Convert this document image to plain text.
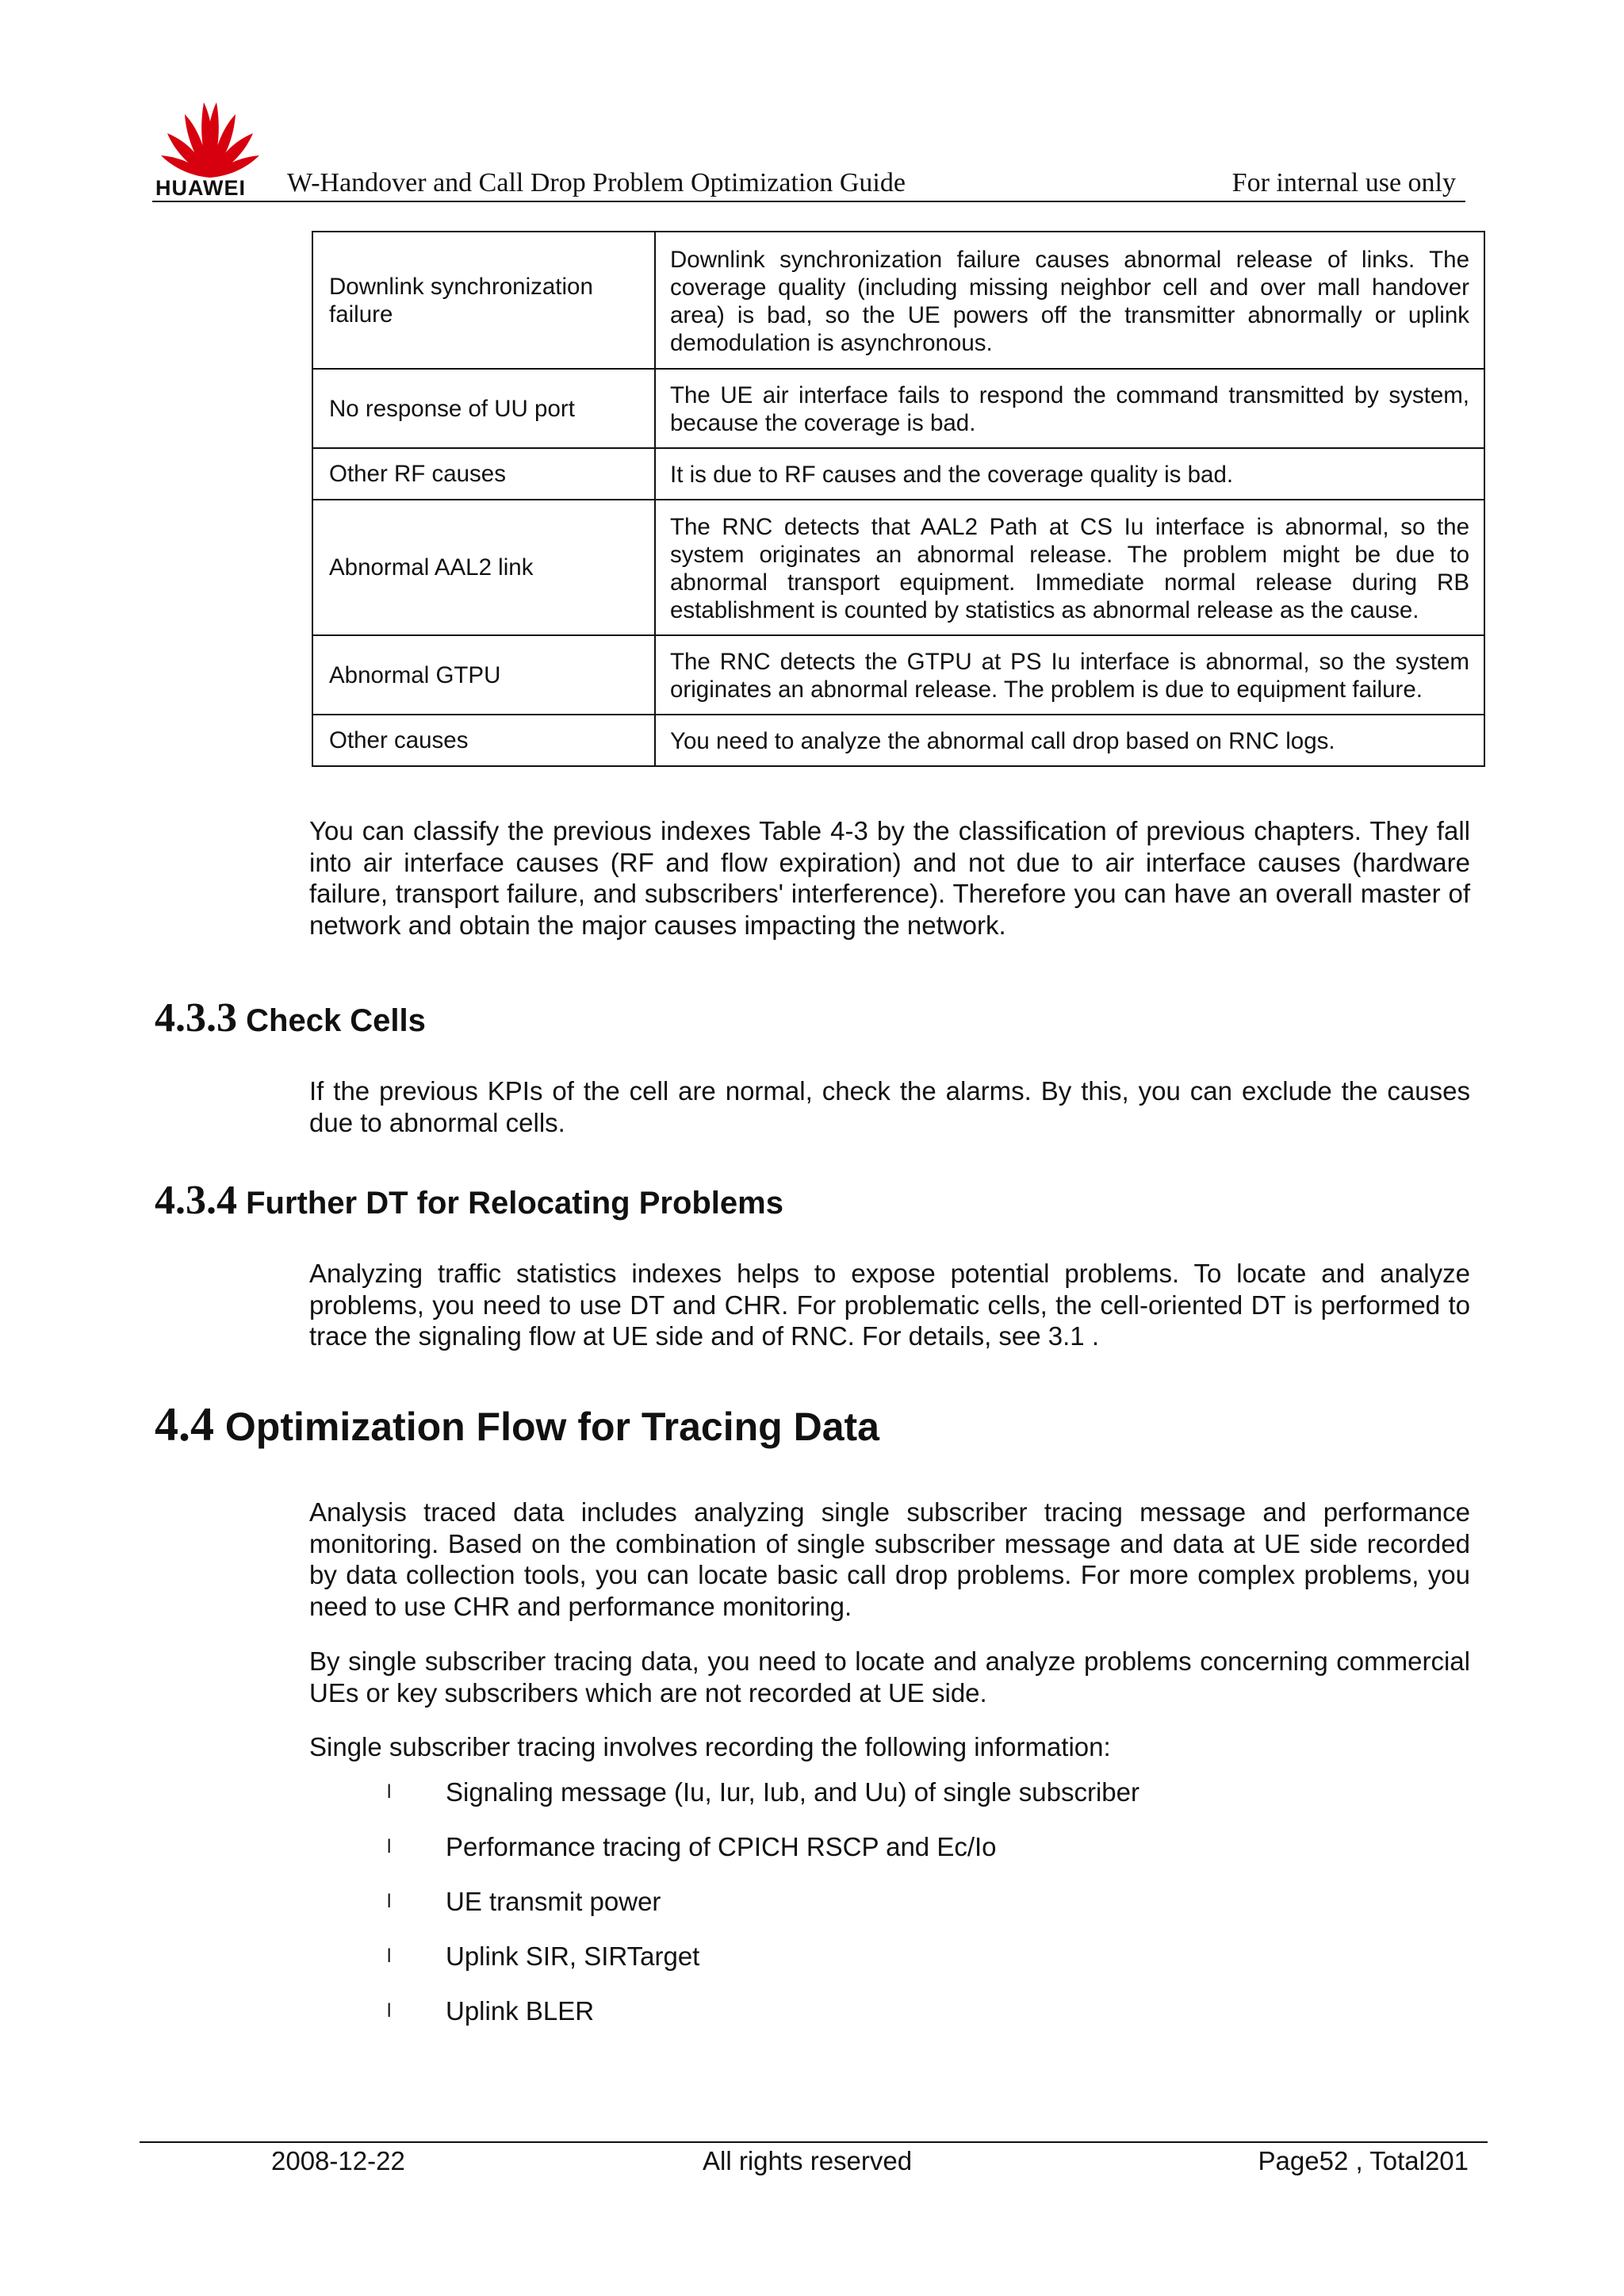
HUAWEI W-Handover and Call Drop Problem Optimization Guide	For internal use only
Downlink synchronization failure	Downlink synchronization failure causes abnormal release of links. The coverage quality (including missing neighbor cell and over mall handover area) is bad, so the UE powers off the transmitter abnormally or uplink demodulation is asynchronous.
No response of UU port	The UE air interface fails to respond the command transmitted by system, because the coverage is bad.
Other RF causes	It is due to RF causes and the coverage quality is bad.
Abnormal AAL2 link	The RNC detects that AAL2 Path at CS Iu interface is abnormal, so the system originates an abnormal release. The problem might be due to abnormal transport equipment. Immediate normal release during RB establishment is counted by statistics as abnormal release as the cause.
Abnormal GTPU	The RNC detects the GTPU at PS Iu interface is abnormal, so the system originates an abnormal release. The problem is due to equipment failure.
Other causes	You need to analyze the abnormal call drop based on RNC logs.

You can classify the previous indexes Table 4-3 by the classification of previous chapters. They fall into air interface causes (RF and flow expiration) and not due to air interface causes (hardware failure, transport failure, and subscribers' interference). Therefore you can have an overall master of network and obtain the major causes impacting the network.

4.3.3 Check Cells

If the previous KPIs of the cell are normal, check the alarms. By this, you can exclude the causes due to abnormal cells.

4.3.4 Further DT for Relocating Problems

Analyzing traffic statistics indexes helps to expose potential problems. To locate and analyze problems, you need to use DT and CHR. For problematic cells, the cell-oriented DT is performed to trace the signaling flow at UE side and of RNC. For details, see 3.1 .

4.4 Optimization Flow for Tracing Data

Analysis traced data includes analyzing single subscriber tracing message and performance monitoring. Based on the combination of single subscriber message and data at UE side recorded by data collection tools, you can locate basic call drop problems. For more complex problems, you need to use CHR and performance monitoring.

By single subscriber tracing data, you need to locate and analyze problems concerning commercial UEs or key subscribers which are not recorded at UE side.

Single subscriber tracing involves recording the following information:

l Signaling message (Iu, Iur, Iub, and Uu) of single subscriber
l Performance tracing of CPICH RSCP and Ec/Io
l UE transmit power
l Uplink SIR, SIRTarget
l Uplink BLER
2008-12-22	All rights reserved	Page52 , Total201
